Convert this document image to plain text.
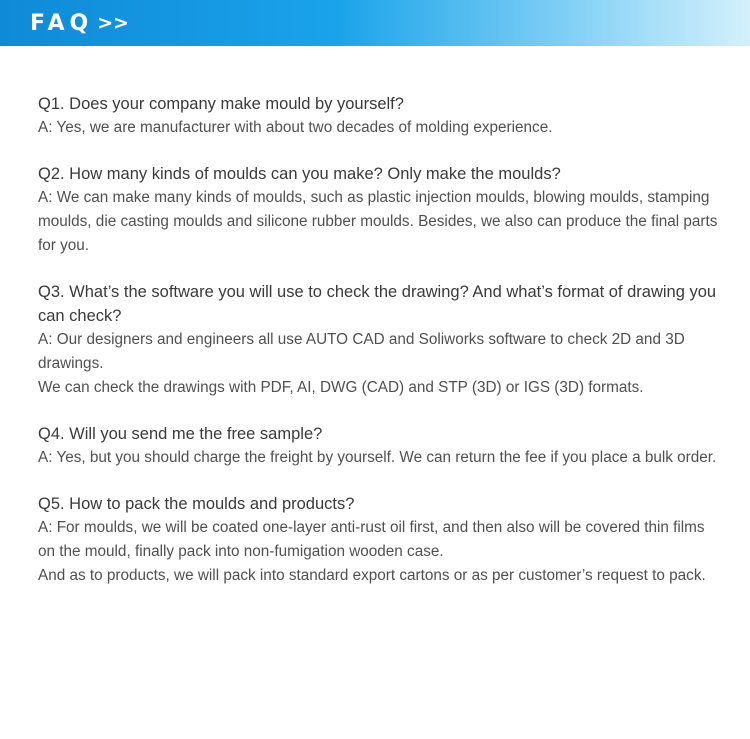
FAQ >>
Q1. Does your company make mould by yourself?
A: Yes, we are manufacturer with about two decades of molding experience.
Q2. How many kinds of moulds can you make? Only make the moulds?
A: We can make many kinds of moulds, such as plastic injection moulds, blowing moulds, stamping moulds, die casting moulds and silicone rubber moulds. Besides, we also can produce the final parts for you.
Q3. What’s the software you will use to check the drawing? And what’s format of drawing you can check?
A: Our designers and engineers all use AUTO CAD and Soliworks software to check 2D and 3D drawings.
We can check the drawings with PDF, AI, DWG (CAD) and STP (3D) or IGS (3D) formats.
Q4. Will you send me the free sample?
A: Yes, but you should charge the freight by yourself. We can return the fee if you place a bulk order.
Q5. How to pack the moulds and products?
A: For moulds, we will be coated one-layer anti-rust oil first, and then also will be covered thin films on the mould, finally pack into non-fumigation wooden case.
And as to products, we will pack into standard export cartons or as per customer’s request to pack.
